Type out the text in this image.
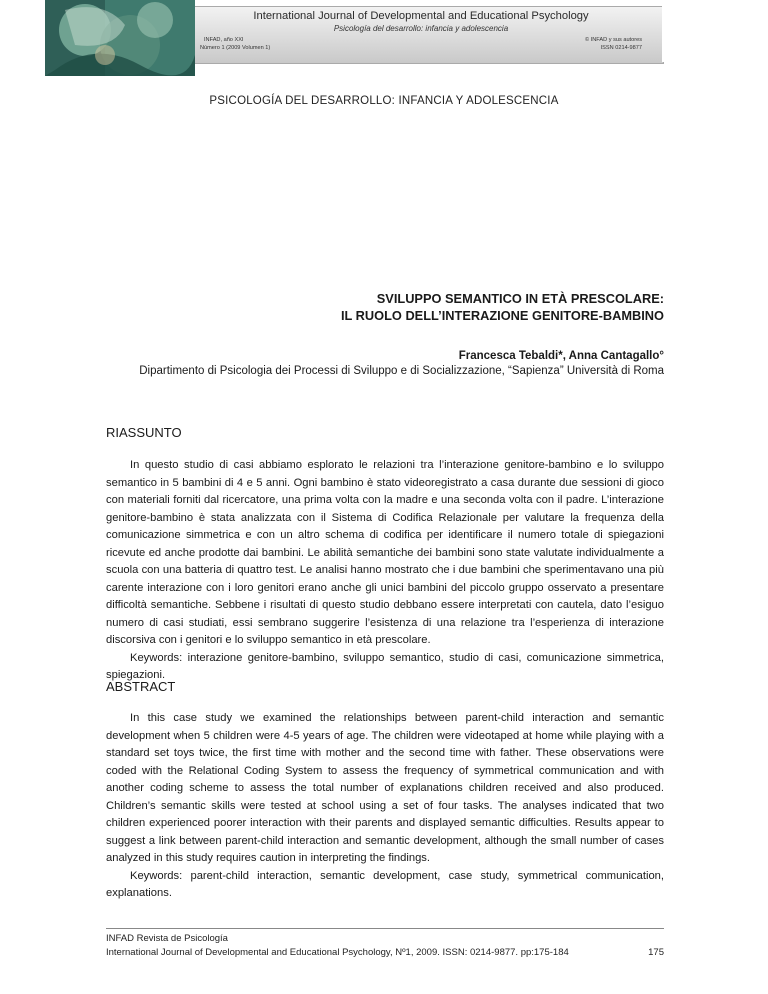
International Journal of Developmental and Educational Psychology
Psicología del desarrollo: infancia y adolescencia
INFAD, año XXI
Número 1 (2009 Volumen 1)
© INFAD y sus autores
ISSN 0214-9877
PSICOLOGÍA DEL DESARROLLO: INFANCIA Y ADOLESCENCIA
SVILUPPO SEMANTICO IN ETÀ PRESCOLARE:
IL RUOLO DELL’INTERAZIONE GENITORE-BAMBINO
Francesca Tebaldi*, Anna Cantagallo°
Dipartimento di Psicologia dei Processi di Sviluppo e di Socializzazione, “Sapienza” Università di Roma
RIASSUNTO

In questo studio di casi abbiamo esplorato le relazioni tra l’interazione genitore-bambino e lo sviluppo semantico in 5 bambini di 4 e 5 anni. Ogni bambino è stato videoregistrato a casa durante due sessioni di gioco con materiali forniti dal ricercatore, una prima volta con la madre e una seconda volta con il padre. L’interazione genitore-bambino è stata analizzata con il Sistema di Codifica Relazionale per valutare la frequenza della comunicazione simmetrica e con un altro schema di codifica per identificare il numero totale di spiegazioni ricevute ed anche prodotte dai bambini. Le abilità semantiche dei bambini sono state valutate individualmente a scuola con una batteria di quattro test. Le analisi hanno mostrato che i due bambini che sperimentavano una più carente interazione con i loro genitori erano anche gli unici bambini del piccolo gruppo osservato a presentare difficoltà semantiche. Sebbene i risultati di questo studio debbano essere interpretati con cautela, dato l’esiguo numero di casi studiati, essi sembrano suggerire l’esistenza di una relazione tra l’esperienza di interazione discorsiva con i genitori e lo sviluppo semantico in età prescolare.

Keywords: interazione genitore-bambino, sviluppo semantico, studio di casi, comunicazione simmetrica, spiegazioni.

ABSTRACT

In this case study we examined the relationships between parent-child interaction and semantic development when 5 children were 4-5 years of age. The children were videotaped at home while playing with a standard set toys twice, the first time with mother and the second time with father. These observations were coded with the Relational Coding System to assess the frequency of symmetrical communication and with another coding scheme to assess the total number of explanations children received and also produced. Children’s semantic skills were tested at school using a set of four tasks. The analyses indicated that two children experienced poorer interaction with their parents and displayed semantic difficulties. Results appear to suggest a link between parent-child interaction and semantic development, although the small number of cases analyzed in this study requires caution in interpreting the findings.

Keywords: parent-child interaction, semantic development, case study, symmetrical communication, explanations.

INFAD Revista de Psicología
International Journal of Developmental and Educational Psychology, Nº1, 2009. ISSN: 0214-9877. pp:175-184	175
